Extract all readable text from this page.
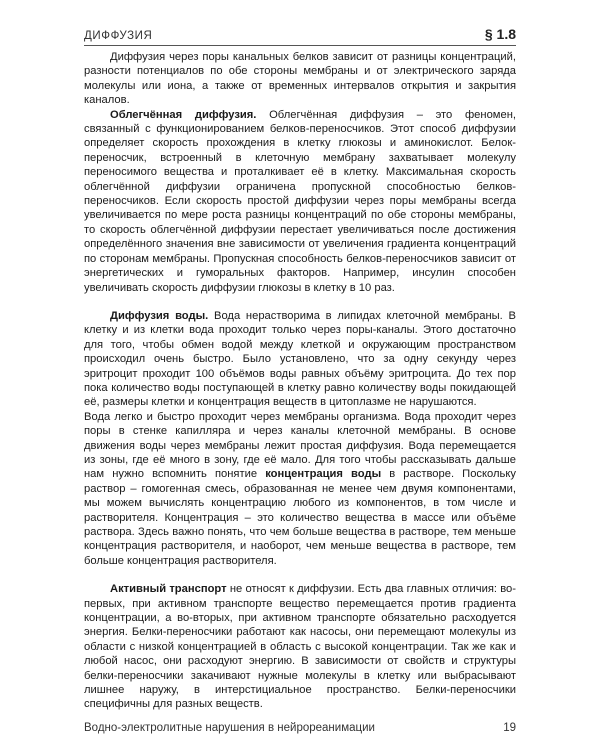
ДИФФУЗИЯ	§ 1.8

Диффузия через поры канальных белков зависит от разницы концентраций, разности потенциалов по обе стороны мембраны и от электрического заряда молекулы или иона, а также от временных интервалов открытия и закрытия каналов.

Облегчённая диффузия. Облегчённая диффузия – это феномен, связанный с функционированием белков-переносчиков. Этот способ диффузии определяет скорость прохождения в клетку глюкозы и аминокислот. Белок-переносчик, встроенный в клеточную мембрану захватывает молекулу переносимого вещества и проталкивает её в клетку. Максимальная скорость облегчённой диффузии ограничена пропускной способностью белков-переносчиков. Если скорость простой диффузии через поры мембраны всегда увеличивается по мере роста разницы концентраций по обе стороны мембраны, то скорость облегчённой диффузии перестает увеличиваться после достижения определённого значения вне зависимости от увеличения градиента концентраций по сторонам мембраны. Пропускная способность белков-переносчиков зависит от энергетических и гуморальных факторов. Например, инсулин способен увеличивать скорость диффузии глюкозы в клетку в 10 раз.

Диффузия воды. Вода нерастворима в липидах клеточной мембраны. В клетку и из клетки вода проходит только через поры-каналы. Этого достаточно для того, чтобы обмен водой между клеткой и окружающим пространством происходил очень быстро. Было установлено, что за одну секунду через эритроцит проходит 100 объёмов воды равных объёму эритроцита. До тех пор пока количество воды поступающей в клетку равно количеству воды покидающей её, размеры клетки и концентрация веществ в цитоплазме не нарушаются.

Вода легко и быстро проходит через мембраны организма. Вода проходит через поры в стенке капилляра и через каналы клеточной мембраны. В основе движения воды через мембраны лежит простая диффузия. Вода перемещается из зоны, где её много в зону, где её мало. Для того чтобы рассказывать дальше нам нужно вспомнить понятие концентрация воды в растворе. Поскольку раствор – гомогенная смесь, образованная не менее чем двумя компонентами, мы можем вычислять концентрацию любого из компонентов, в том числе и растворителя. Концентрация – это количество вещества в массе или объёме раствора. Здесь важно понять, что чем больше вещества в растворе, тем меньше концентрация растворителя, и наоборот, чем меньше вещества в растворе, тем больше концентрация растворителя.

Активный транспорт не относят к диффузии. Есть два главных отличия: во-первых, при активном транспорте вещество перемещается против градиента концентрации, а во-вторых, при активном транспорте обязательно расходуется энергия. Белки-переносчики работают как насосы, они перемещают молекулы из области с низкой концентрацией в область с высокой концентрации. Так же как и любой насос, они расходуют энергию. В зависимости от свойств и структуры белки-переносчики закачивают нужные молекулы в клетку или выбрасывают лишнее наружу, в интерстициальное пространство. Белки-переносчики специфичны для разных веществ.

Водно-электролитные нарушения в нейрореанимации	19
